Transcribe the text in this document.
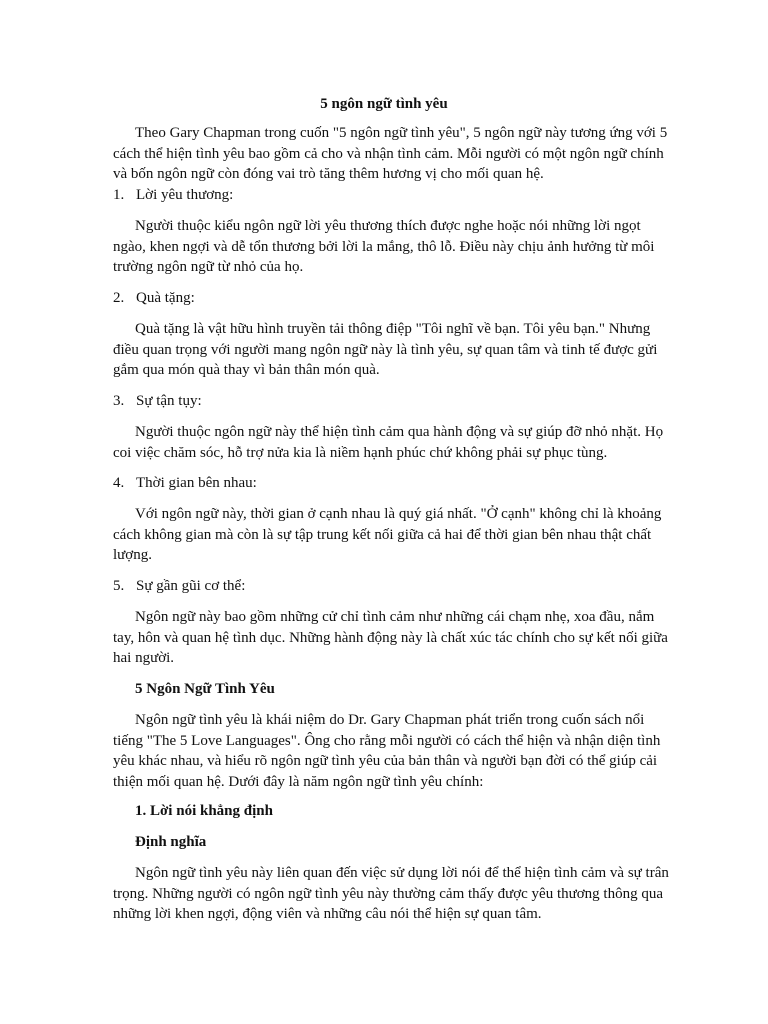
5 ngôn ngữ tình yêu

Theo Gary Chapman trong cuốn "5 ngôn ngữ tình yêu", 5 ngôn ngữ này tương ứng với 5 cách thể hiện tình yêu bao gồm cả cho và nhận tình cảm. Mỗi người có một ngôn ngữ chính và bốn ngôn ngữ còn đóng vai trò tăng thêm hương vị cho mối quan hệ.

1. Lời yêu thương:

Người thuộc kiểu ngôn ngữ lời yêu thương thích được nghe hoặc nói những lời ngọt ngào, khen ngợi và dễ tổn thương bởi lời la mắng, thô lỗ. Điều này chịu ảnh hưởng từ môi trường ngôn ngữ từ nhỏ của họ.

2. Quà tặng:

Quà tặng là vật hữu hình truyền tải thông điệp "Tôi nghĩ về bạn. Tôi yêu bạn." Nhưng điều quan trọng với người mang ngôn ngữ này là tình yêu, sự quan tâm và tinh tế được gửi gắm qua món quà thay vì bản thân món quà.

3. Sự tận tụy:

Người thuộc ngôn ngữ này thể hiện tình cảm qua hành động và sự giúp đỡ nhỏ nhặt. Họ coi việc chăm sóc, hỗ trợ nửa kia là niềm hạnh phúc chứ không phải sự phục tùng.

4. Thời gian bên nhau:

Với ngôn ngữ này, thời gian ở cạnh nhau là quý giá nhất. "Ở cạnh" không chỉ là khoảng cách không gian mà còn là sự tập trung kết nối giữa cả hai để thời gian bên nhau thật chất lượng.

5. Sự gần gũi cơ thể:

Ngôn ngữ này bao gồm những cử chỉ tình cảm như những cái chạm nhẹ, xoa đầu, nắm tay, hôn và quan hệ tình dục. Những hành động này là chất xúc tác chính cho sự kết nối giữa hai người.

5 Ngôn Ngữ Tình Yêu

Ngôn ngữ tình yêu là khái niệm do Dr. Gary Chapman phát triển trong cuốn sách nổi tiếng "The 5 Love Languages". Ông cho rằng mỗi người có cách thể hiện và nhận diện tình yêu khác nhau, và hiểu rõ ngôn ngữ tình yêu của bản thân và người bạn đời có thể giúp cải thiện mối quan hệ. Dưới đây là năm ngôn ngữ tình yêu chính:

1. Lời nói khẳng định

Định nghĩa

Ngôn ngữ tình yêu này liên quan đến việc sử dụng lời nói để thể hiện tình cảm và sự trân trọng. Những người có ngôn ngữ tình yêu này thường cảm thấy được yêu thương thông qua những lời khen ngợi, động viên và những câu nói thể hiện sự quan tâm.
